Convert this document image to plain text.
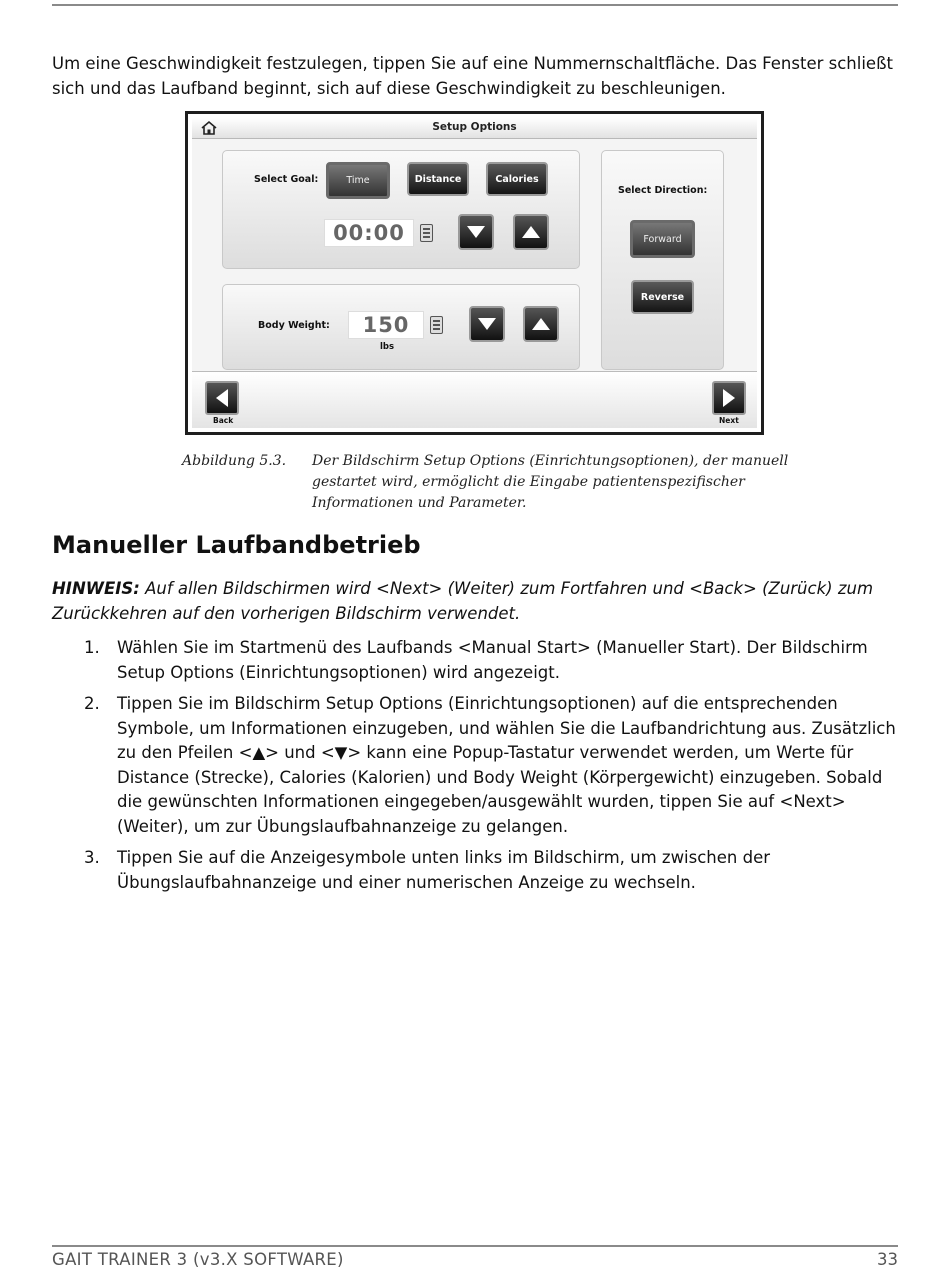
Um eine Geschwindigkeit festzulegen, tippen Sie auf eine Nummernschaltfläche. Das Fenster schließt sich und das Laufband beginnt, sich auf diese Geschwindigkeit zu beschleunigen.

Setup Options
Select Goal:	Time	Distance	Calories
00:00
Body Weight:	150
lbs
Select Direction:
Forward
Reverse
Back	Next
Abbildung 5.3. Der Bildschirm Setup Options (Einrichtungsoptionen), der manuell gestartet wird, ermöglicht die Eingabe patientenspezifischer Informationen und Parameter.
Manueller Laufbandbetrieb

HINWEIS: Auf allen Bildschirmen wird <Next> (Weiter) zum Fortfahren und <Back> (Zurück) zum Zurückkehren auf den vorherigen Bildschirm verwendet.

1. Wählen Sie im Startmenü des Laufbands <Manual Start> (Manueller Start). Der Bildschirm Setup Options (Einrichtungsoptionen) wird angezeigt.
2. Tippen Sie im Bildschirm Setup Options (Einrichtungsoptionen) auf die entsprechenden Symbole, um Informationen einzugeben, und wählen Sie die Laufbandrichtung aus. Zusätzlich zu den Pfeilen <▲> und <▼> kann eine Popup-Tastatur verwendet werden, um Werte für Distance (Strecke), Calories (Kalorien) und Body Weight (Körpergewicht) einzugeben. Sobald die gewünschten Informationen eingegeben/ausgewählt wurden, tippen Sie auf <Next> (Weiter), um zur Übungslaufbahnanzeige zu gelangen.
3. Tippen Sie auf die Anzeigesymbole unten links im Bildschirm, um zwischen der Übungslaufbahnanzeige und einer numerischen Anzeige zu wechseln.
GAIT TRAINER 3 (v3.X SOFTWARE)	33
